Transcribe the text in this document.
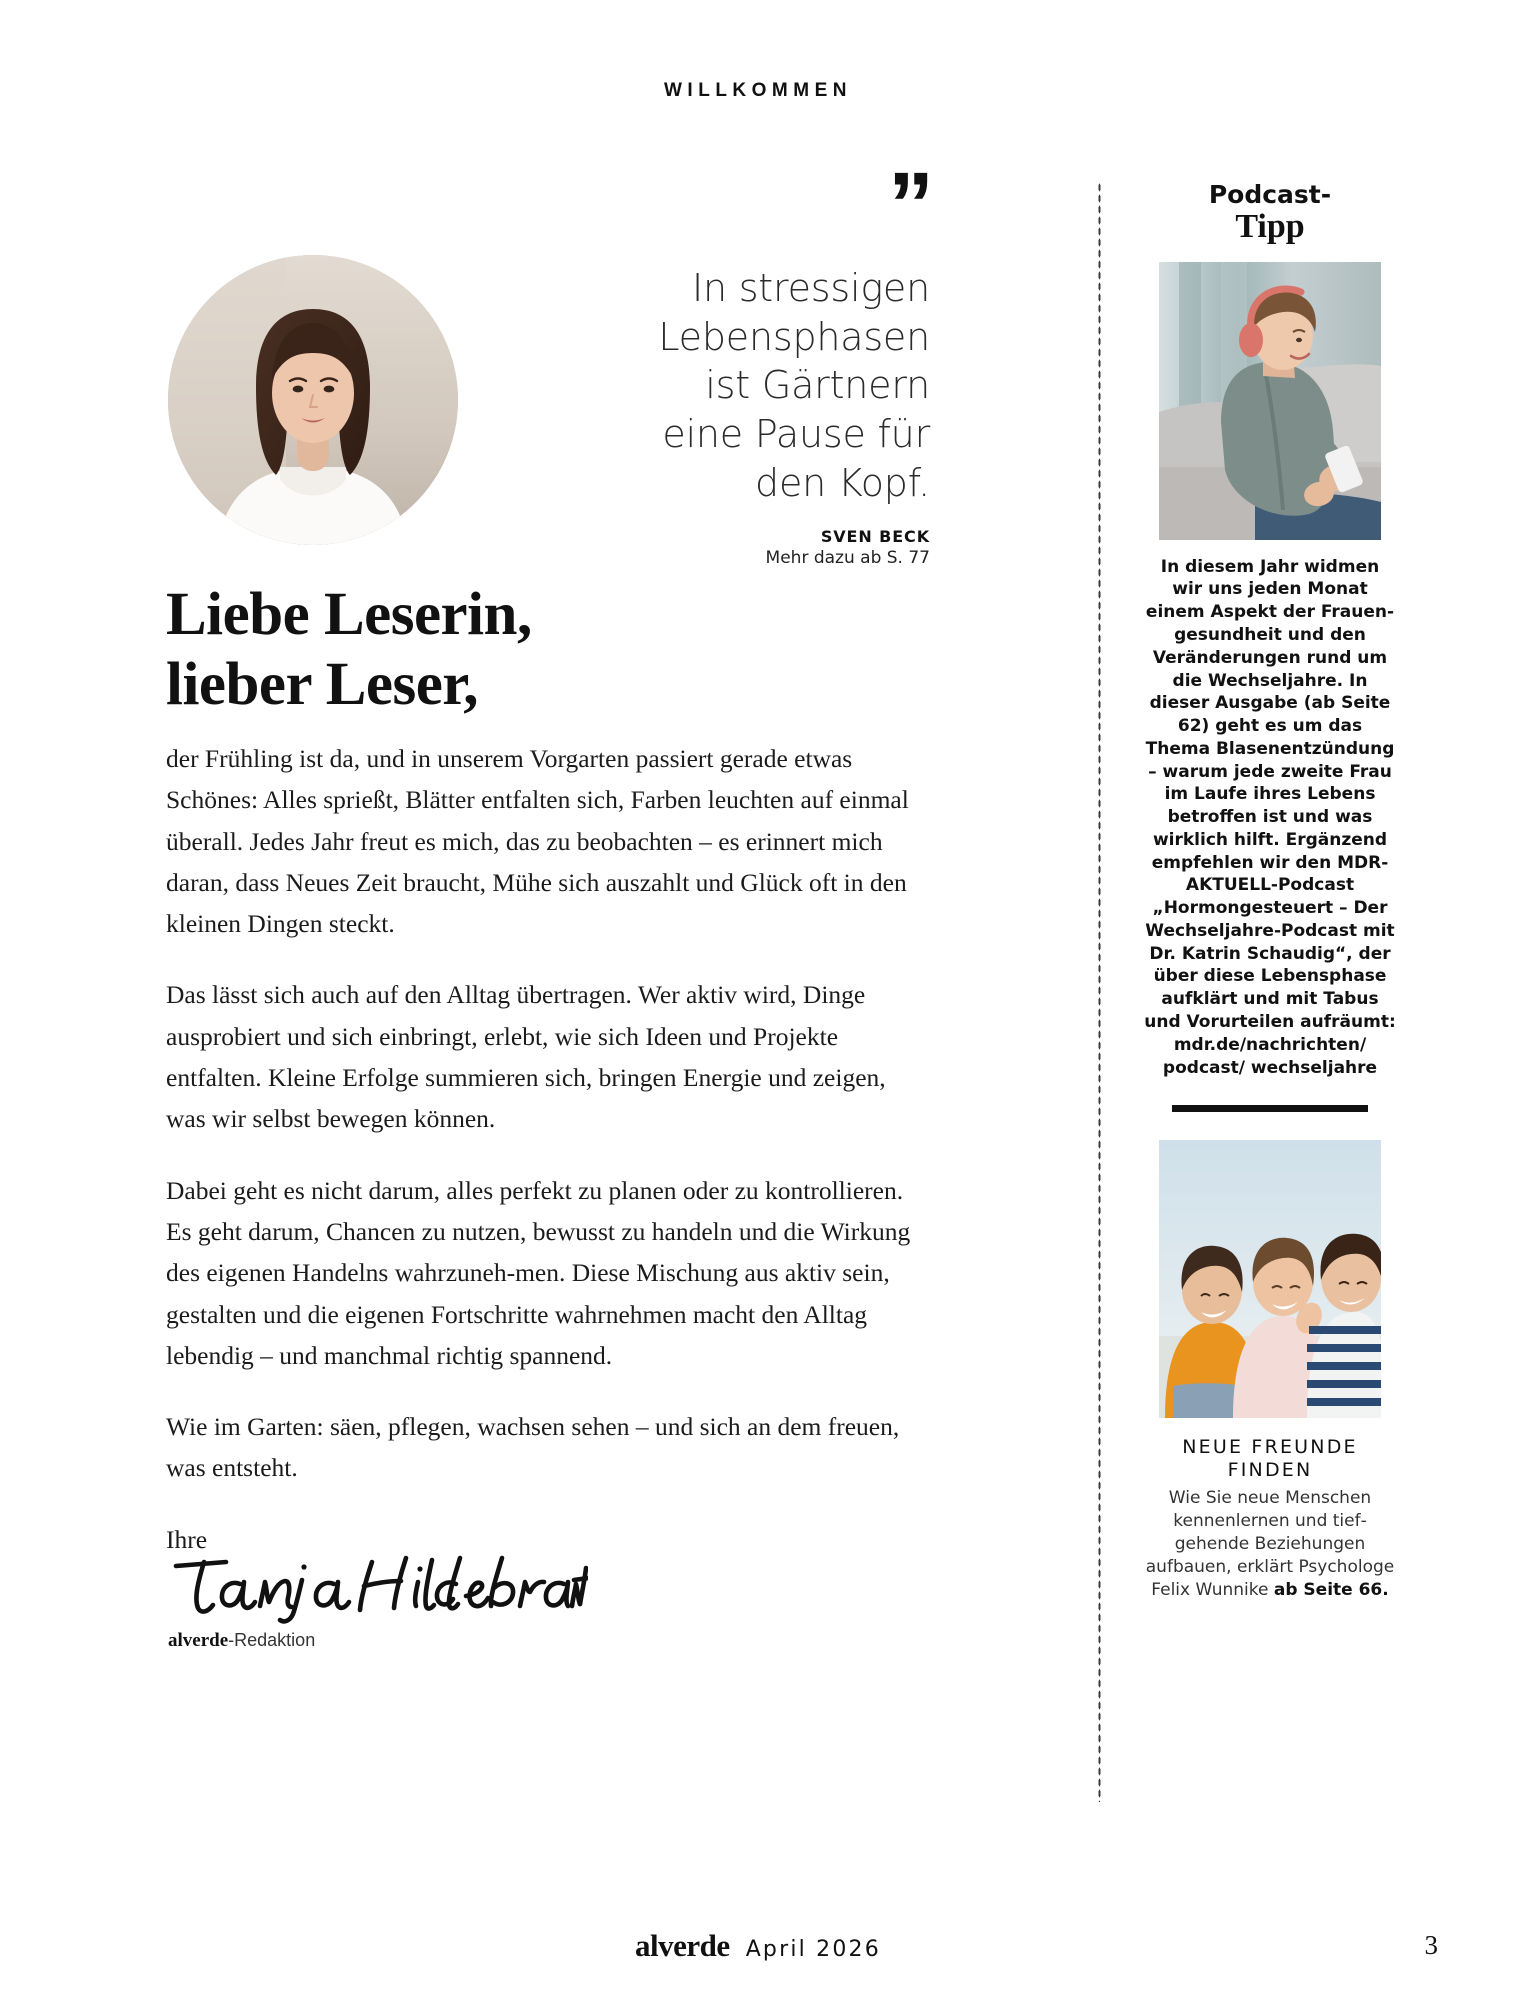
WILLKOMMEN
”
In stressigen
Lebensphasen
ist Gärtnern
eine Pause für
den Kopf.
SVEN BECK
Mehr dazu ab S. 77
Liebe Leserin,
lieber Leser,

der Frühling ist da, und in unserem Vorgarten passiert gerade etwas Schönes: Alles sprießt, Blätter entfalten sich, Farben leuchten auf einmal überall. Jedes Jahr freut es mich, das zu beobachten – es erinnert mich daran, dass Neues Zeit braucht, Mühe sich auszahlt und Glück oft in den kleinen Dingen steckt.

Das lässt sich auch auf den Alltag übertragen. Wer aktiv wird, Dinge ausprobiert und sich einbringt, erlebt, wie sich Ideen und Projekte entfalten. Kleine Erfolge summieren sich, bringen Energie und zeigen, was wir selbst bewegen können.

Dabei geht es nicht darum, alles perfekt zu planen oder zu kontrollieren. Es geht darum, Chancen zu nutzen, bewusst zu handeln und die Wirkung des eigenen Handelns wahrzuneh-men. Diese Mischung aus aktiv sein, gestalten und die eigenen Fortschritte wahrnehmen macht den Alltag lebendig – und manchmal richtig spannend.

Wie im Garten: säen, pflegen, wachsen sehen – und sich an dem freuen, was entsteht.

Ihre

alverde-Redaktion
Podcast-
Tipp
In diesem Jahr widmen wir uns jeden Monat einem Aspekt der Frauengesundheit und den Veränderungen rund um die Wechseljahre. In dieser Ausgabe (ab Seite 62) geht es um das Thema Blasenentzündung – warum jede zweite Frau im Laufe ihres Lebens betroffen ist und was wirklich hilft. Ergänzend empfehlen wir den MDR-AKTUELL-Podcast „Hormongesteuert – Der Wechseljahre-Podcast mit Dr. Katrin Schaudig“, der über diese Lebensphase aufklärt und mit Tabus und Vorurteilen aufräumt: mdr.de/nachrichten/ podcast/ wechseljahre
NEUE FREUNDE FINDEN
Wie Sie neue Menschen kennenlernen und tiefgehende Beziehungen aufbauen, erklärt Psychologe Felix Wunnike ab Seite 66.
alverde April 2026	3
